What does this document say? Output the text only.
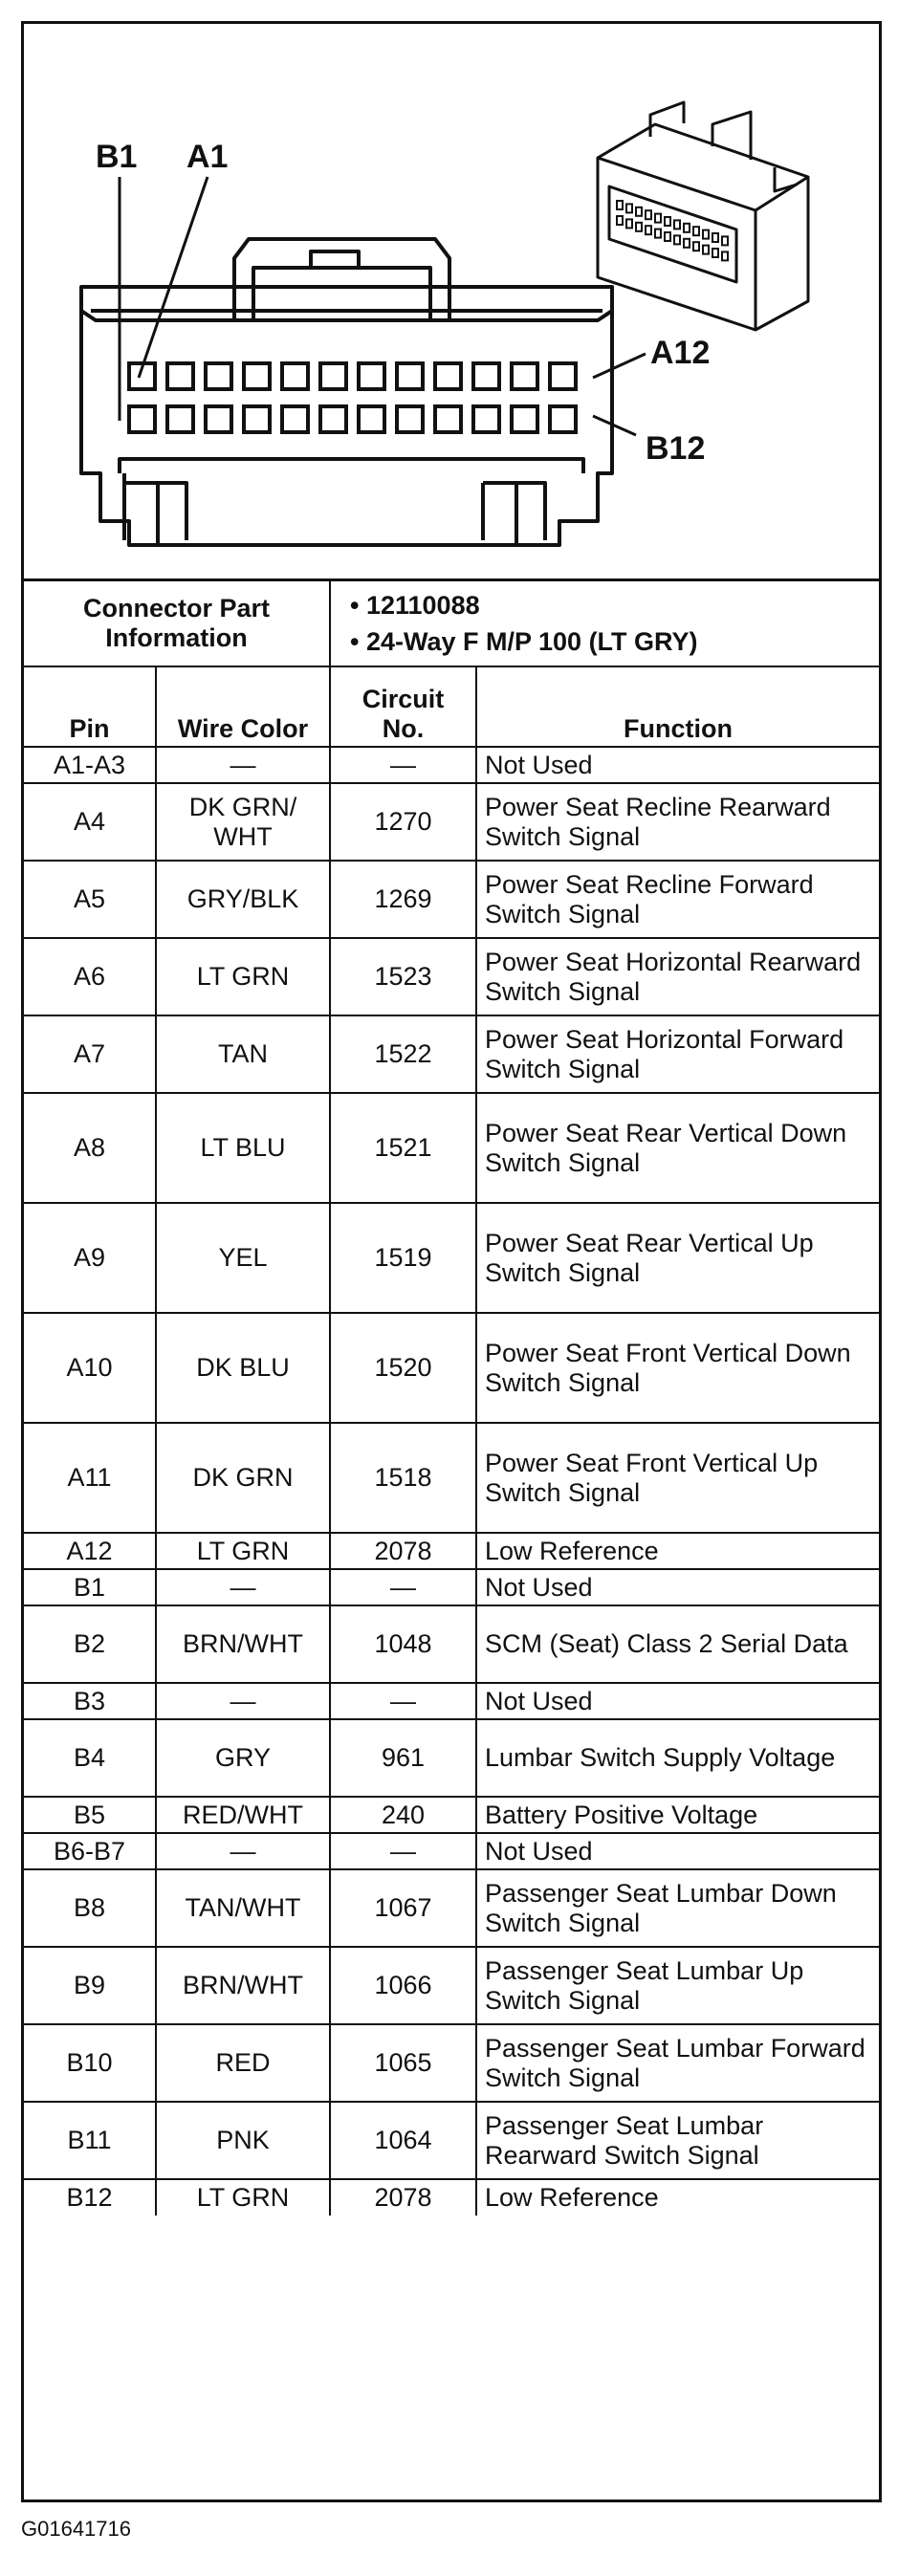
B1 A1
A12
B12
Connector Part Information		• 12110088
• 24-Way F M/P 100 (LT GRY)	

Pin	Wire Color	Circuit No.	Function
A1-A3	—	—	Not Used
A4	DK GRN/ WHT	1270	Power Seat Recline Rearward Switch Signal
A5	GRY/BLK	1269	Power Seat Recline Forward Switch Signal
A6	LT GRN	1523	Power Seat Horizontal Rearward Switch Signal
A7	TAN	1522	Power Seat Horizontal Forward Switch Signal
A8	LT BLU	1521	Power Seat Rear Vertical Down Switch Signal
A9	YEL	1519	Power Seat Rear Vertical Up Switch Signal
A10	DK BLU	1520	Power Seat Front Vertical Down Switch Signal
A11	DK GRN	1518	Power Seat Front Vertical Up Switch Signal
A12	LT GRN	2078	Low Reference
B1	—	—	Not Used
B2	BRN/WHT	1048	SCM (Seat) Class 2 Serial Data
B3	—	—	Not Used
B4	GRY	961	Lumbar Switch Supply Voltage
B5	RED/WHT	240	Battery Positive Voltage
B6-B7	—	—	Not Used
B8	TAN/WHT	1067	Passenger Seat Lumbar Down Switch Signal
B9	BRN/WHT	1066	Passenger Seat Lumbar Up Switch Signal
B10	RED	1065	Passenger Seat Lumbar Forward Switch Signal
B11	PNK	1064	Passenger Seat Lumbar Rearward Switch Signal
B12	LT GRN	2078	Low Reference
G01641716
